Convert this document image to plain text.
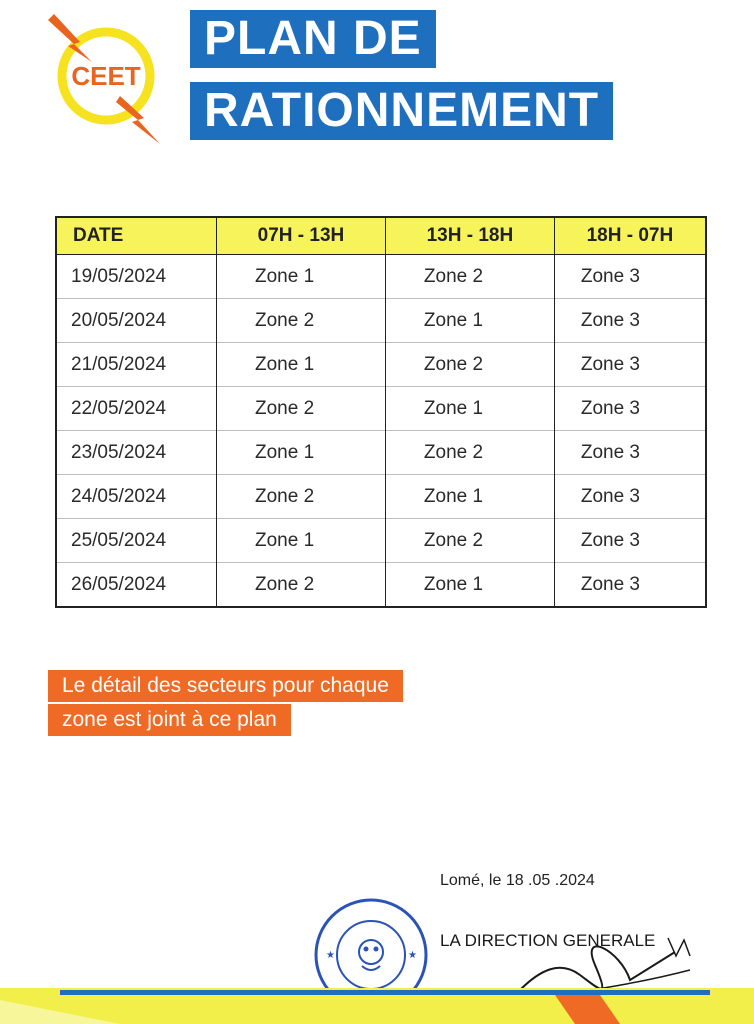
CEET
PLAN DE
RATIONNEMENT
DATE	07H - 13H	13H - 18H	18H - 07H
19/05/2024	Zone 1	Zone 2	Zone 3
20/05/2024	Zone 2	Zone 1	Zone 3
21/05/2024	Zone 1	Zone 2	Zone 3
22/05/2024	Zone 2	Zone 1	Zone 3
23/05/2024	Zone 1	Zone 2	Zone 3
24/05/2024	Zone 2	Zone 1	Zone 3
25/05/2024	Zone 1	Zone 2	Zone 3
26/05/2024	Zone 2	Zone 1	Zone 3
Le détail des secteurs pour chaque
zone est joint à ce plan
Lomé, le 18 .05 .2024
★	★
LA DIRECTION GENERALE
